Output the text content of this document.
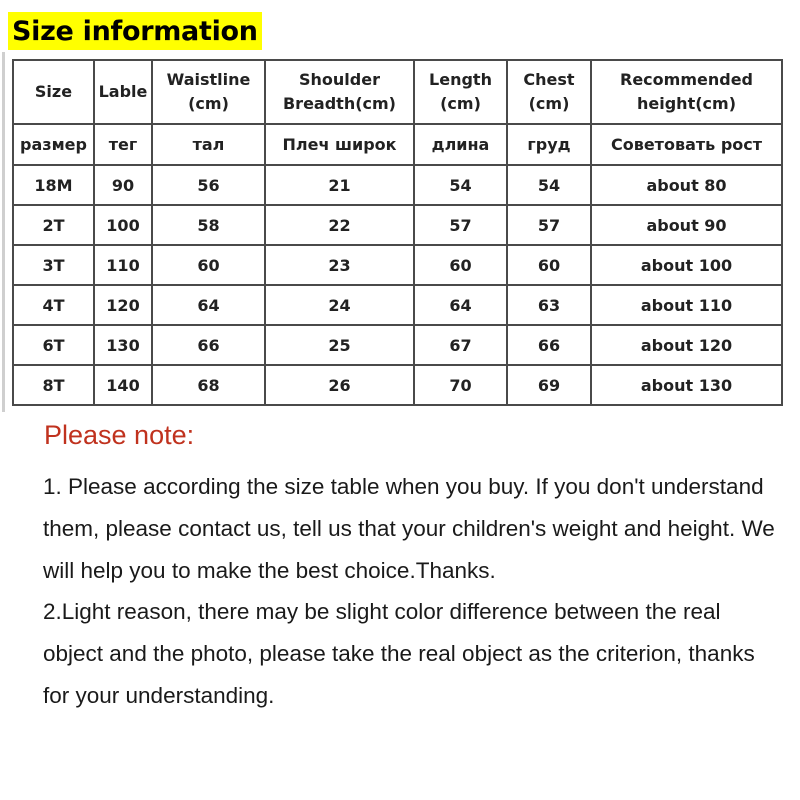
Size information
Size	Lable	Waistline (cm)	Shoulder Breadth(cm)	Length (cm)	Chest (cm)	Recommended height(cm)
размер	тег	тал	Плеч широк	длина	груд	Советовать рост
18M	90	56	21	54	54	about 80
2T	100	58	22	57	57	about 90
3T	110	60	23	60	60	about 100
4T	120	64	24	64	63	about 110
6T	130	66	25	67	66	about 120
8T	140	68	26	70	69	about 130
Please note:

1. Please according the size table when you buy. If you don't understand them, please contact us, tell us that your children's weight and height. We will help you to make the best choice.Thanks.

2.Light reason, there may be slight color difference between the real object and the photo, please take the real object as the criterion, thanks for your understanding.
